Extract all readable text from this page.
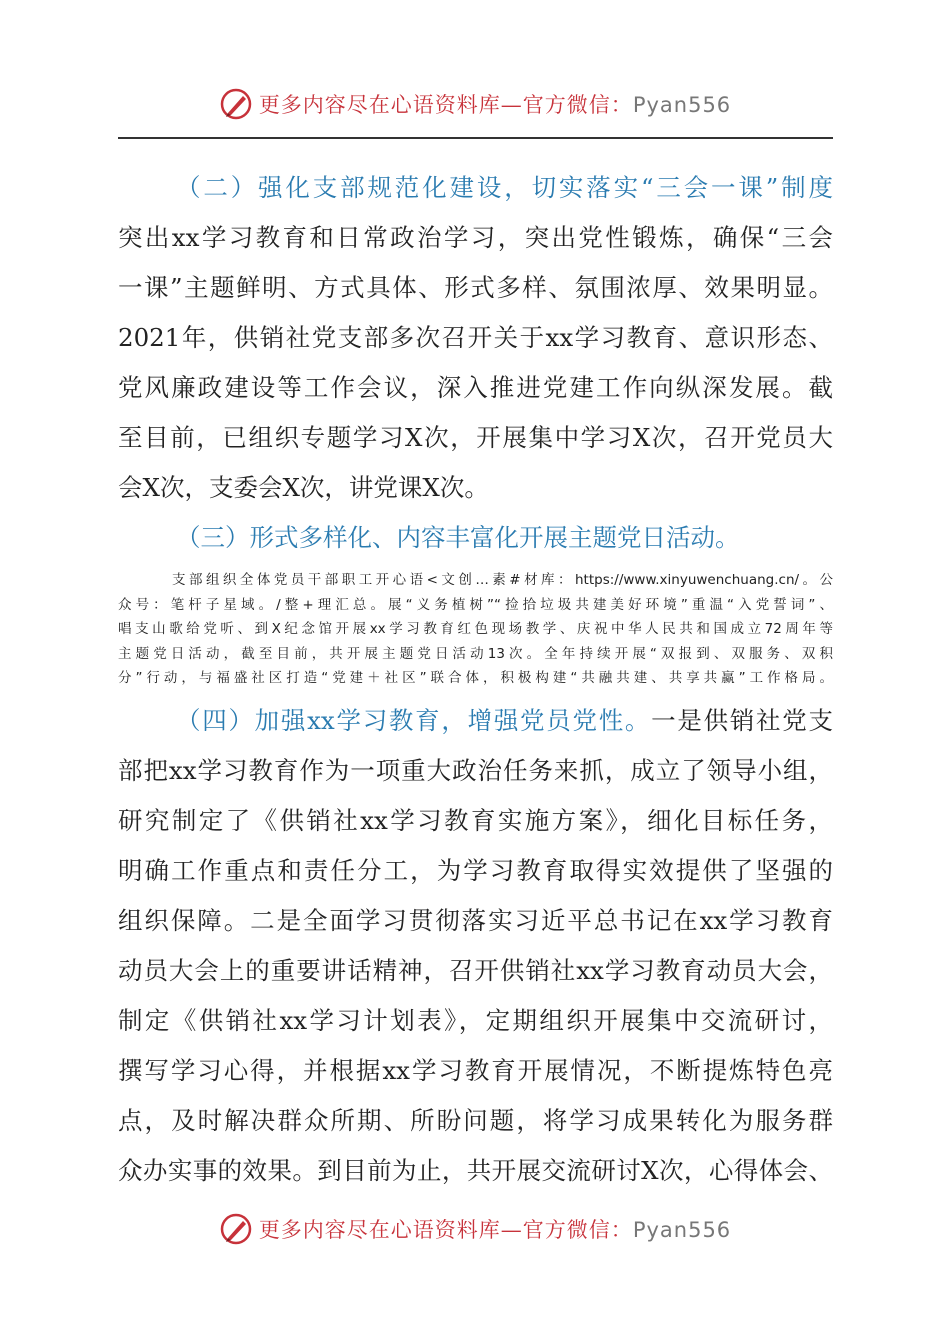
更多内容尽在心语资料库—官方微信：Pyan556
（二）强化支部规范化建设，切实落实“三会一课”制度
突出xx学习教育和日常政治学习，突出党性锻炼，确保“三会
一课”主题鲜明、方式具体、形式多样、氛围浓厚、效果明显。
2021年，供销社党支部多次召开关于xx学习教育、意识形态、
党风廉政建设等工作会议，深入推进党建工作向纵深发展。截
至目前，已组织专题学习X次，开展集中学习X次，召开党员大
会X次，支委会X次，讲党课X次。
（三）形式多样化、内容丰富化开展主题党日活动。
支部组织全体党员干部职工开心语<文创…素#材库：https://www.xinyuwenchuang.cn/。公
众号：笔杆子星域。/整+理汇总。展“义务植树”“捡拾垃圾共建美好环境”重温“入党誓词”、
唱支山歌给党听、到X纪念馆开展xx学习教育红色现场教学、庆祝中华人民共和国成立72周年等
主题党日活动，截至目前，共开展主题党日活动13次。全年持续开展“双报到、双服务、双积
分”行动，与福盛社区打造“党建＋社区”联合体，积极构建“共融共建、共享共赢”工作格局。
（四）加强xx学习教育，增强党员党性。一是供销社党支
部把xx学习教育作为一项重大政治任务来抓，成立了领导小组，
研究制定了《供销社xx学习教育实施方案》，细化目标任务，
明确工作重点和责任分工，为学习教育取得实效提供了坚强的
组织保障。二是全面学习贯彻落实习近平总书记在xx学习教育
动员大会上的重要讲话精神，召开供销社xx学习教育动员大会，
制定《供销社xx学习计划表》，定期组织开展集中交流研讨，
撰写学习心得，并根据xx学习教育开展情况，不断提炼特色亮
点，及时解决群众所期、所盼问题，将学习成果转化为服务群
众办实事的效果。到目前为止，共开展交流研讨X次，心得体会、
更多内容尽在心语资料库—官方微信：Pyan556
